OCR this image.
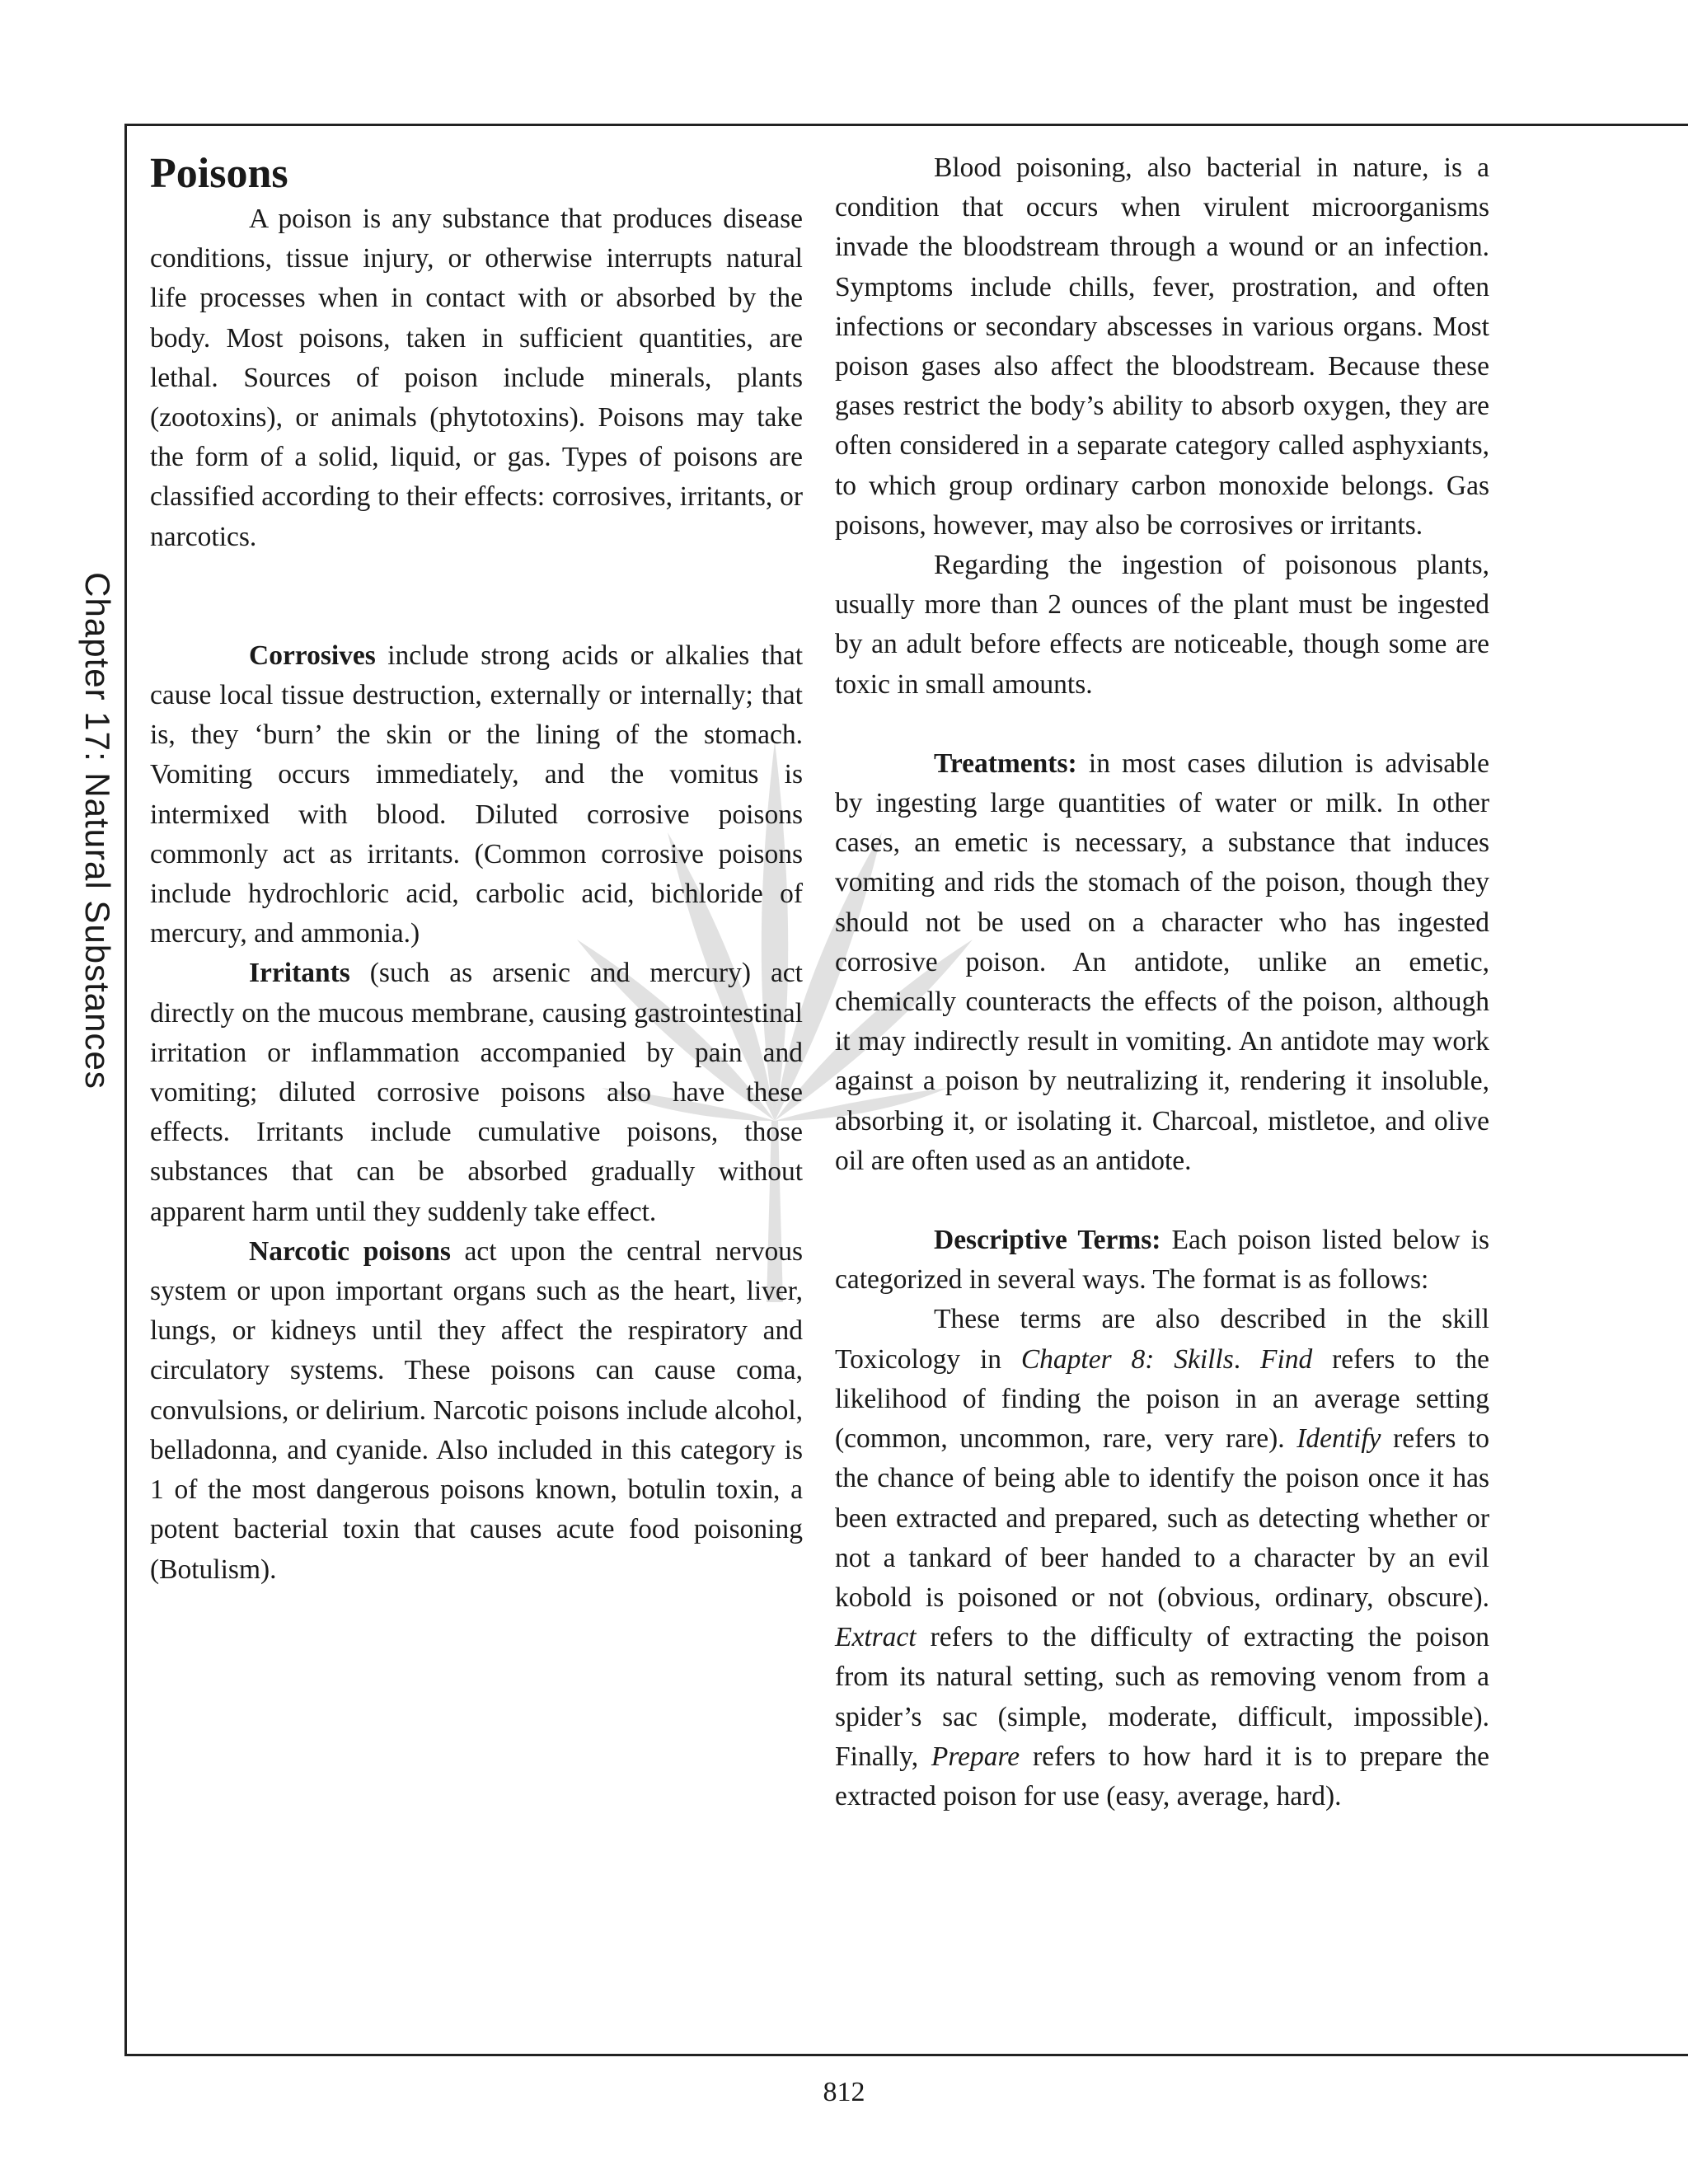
Chapter 17: Natural Substances
Poisons

A poison is any substance that produces disease conditions, tissue injury, or otherwise interrupts natural life processes when in contact with or absorbed by the body. Most poisons, taken in sufficient quantities, are lethal. Sources of poison include minerals, plants (zootoxins), or animals (phytotoxins). Poisons may take the form of a solid, liquid, or gas. Types of poisons are classified according to their effects: corrosives, irritants, or narcotics.

Corrosives include strong acids or alkalies that cause local tissue destruction, externally or internally; that is, they ‘burn’ the skin or the lining of the stomach. Vomiting occurs immediately, and the vomitus is intermixed with blood. Diluted corrosive poisons commonly act as irritants. (Common corrosive poisons include hydrochloric acid, carbolic acid, bichloride of mercury, and ammonia.)

Irritants (such as arsenic and mercury) act directly on the mucous membrane, causing gastrointestinal irritation or inflammation accompanied by pain and vomiting; diluted corrosive poisons also have these effects. Irritants include cumulative poisons, those substances that can be absorbed gradually without apparent harm until they suddenly take effect.

Narcotic poisons act upon the central nervous system or upon important organs such as the heart, liver, lungs, or kidneys until they affect the respiratory and circulatory systems. These poisons can cause coma, convulsions, or delirium. Narcotic poisons include alcohol, belladonna, and cyanide. Also included in this category is 1 of the most dangerous poisons known, botulin toxin, a potent bacterial toxin that causes acute food poisoning (Botulism).

Blood poisoning, also bacterial in nature, is a condition that occurs when virulent microorganisms invade the bloodstream through a wound or an infection. Symptoms include chills, fever, prostration, and often infections or secondary abscesses in various organs. Most poison gases also affect the bloodstream. Because these gases restrict the body’s ability to absorb oxygen, they are often considered in a separate category called asphyxiants, to which group ordinary carbon monoxide belongs. Gas poisons, however, may also be corrosives or irritants.

Regarding the ingestion of poisonous plants, usually more than 2 ounces of the plant must be ingested by an adult before effects are noticeable, though some are toxic in small amounts.

Treatments: in most cases dilution is advisable by ingesting large quantities of water or milk. In other cases, an emetic is necessary, a substance that induces vomiting and rids the stomach of the poison, though they should not be used on a character who has ingested corrosive poison. An antidote, unlike an emetic, chemically counteracts the effects of the poison, although it may indirectly result in vomiting. An antidote may work against a poison by neutralizing it, rendering it insoluble, absorbing it, or isolating it. Charcoal, mistletoe, and olive oil are often used as an antidote.

Descriptive Terms: Each poison listed below is categorized in several ways. The format is as follows:

These terms are also described in the skill Toxicology in Chapter 8: Skills. Find refers to the likelihood of finding the poison in an average setting (common, uncommon, rare, very rare). Identify refers to the chance of being able to identify the poison once it has been extracted and prepared, such as detecting whether or not a tankard of beer handed to a character by an evil kobold is poisoned or not (obvious, ordinary, obscure). Extract refers to the difficulty of extracting the poison from its natural setting, such as removing venom from a spider’s sac (simple, moderate, difficult, impossible). Finally, Prepare refers to how hard it is to prepare the extracted poison for use (easy, average, hard).

812
